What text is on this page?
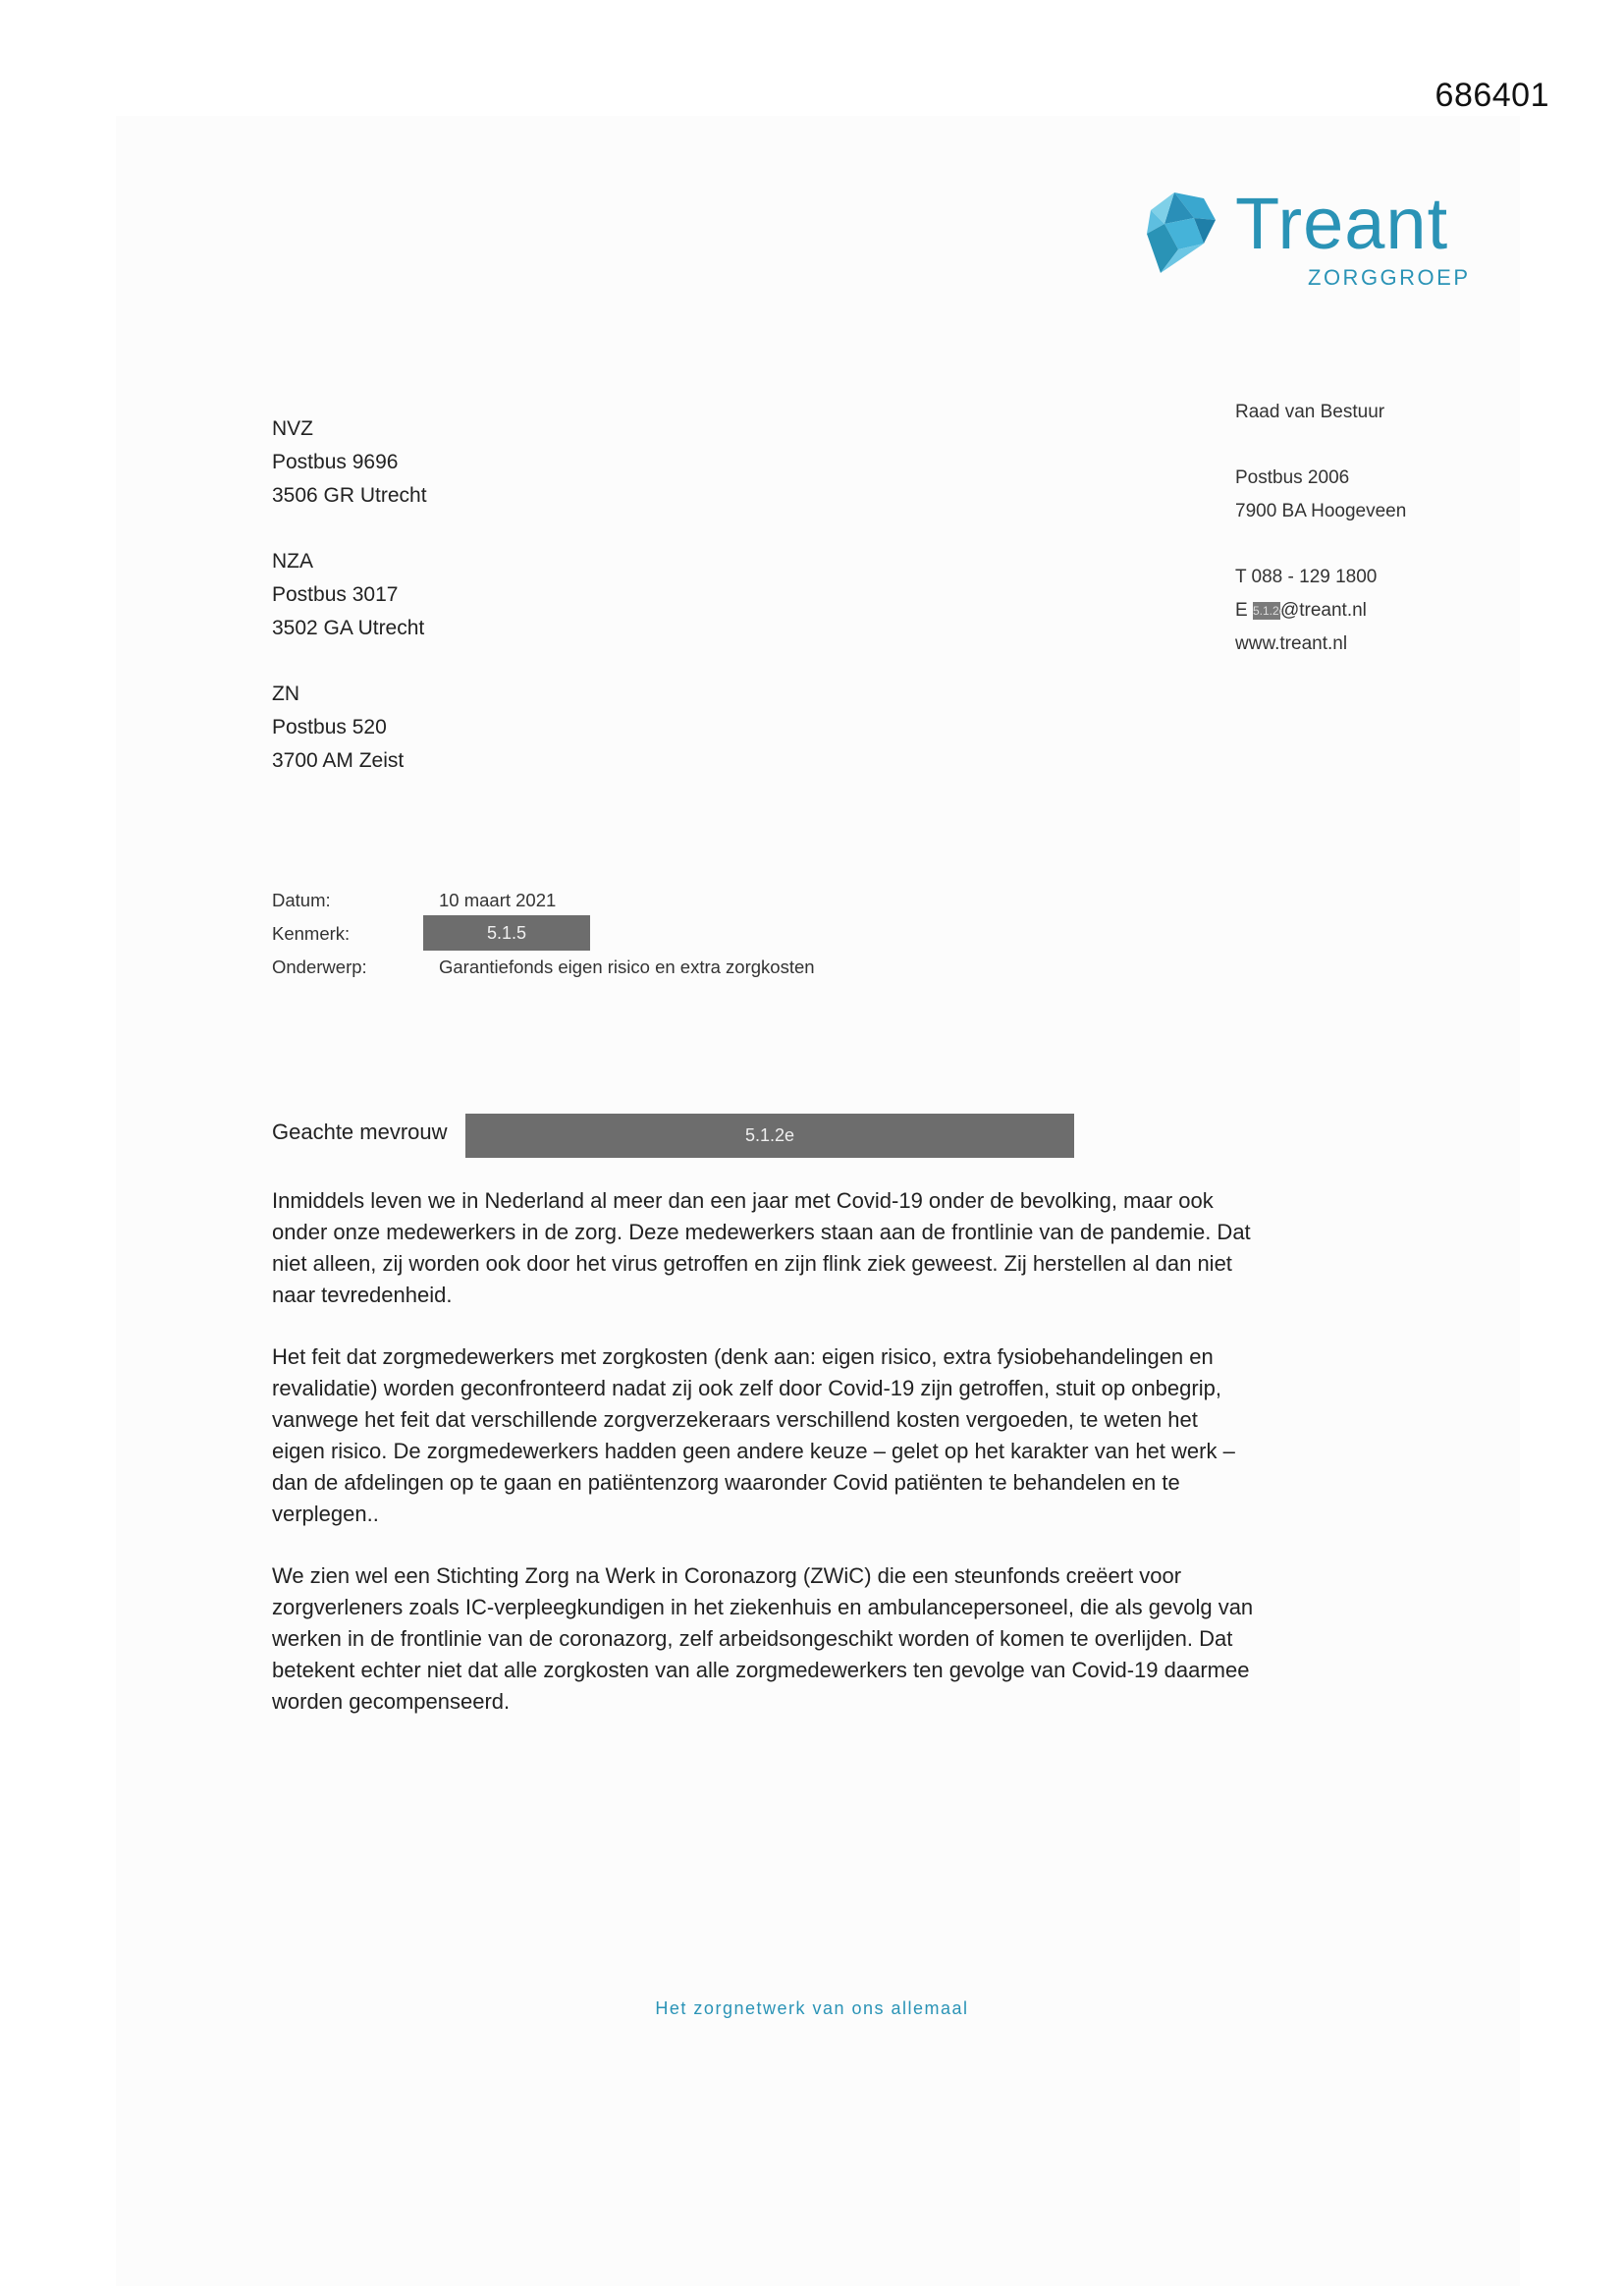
686401
Treant
ZORGGROEP
Raad van Bestuur
Postbus 2006
7900 BA Hoogeveen
T 088 - 129 1800
E 5.1.2e@treant.nl
www.treant.nl
NVZ
Postbus 9696
3506 GR Utrecht
NZA
Postbus 3017
3502 GA Utrecht
ZN
Postbus 520
3700 AM Zeist
Datum:	10 maart 2021
Kenmerk:	5.1.5
Onderwerp:	Garantiefonds eigen risico en extra zorgkosten
Geachte mevrouw	5.1.2e

Inmiddels leven we in Nederland al meer dan een jaar met Covid-19 onder de bevolking, maar ook onder onze medewerkers in de zorg. Deze medewerkers staan aan de frontlinie van de pandemie. Dat niet alleen, zij worden ook door het virus getroffen en zijn flink ziek geweest. Zij herstellen al dan niet naar tevredenheid.

Het feit dat zorgmedewerkers met zorgkosten (denk aan: eigen risico, extra fysiobehandelingen en revalidatie) worden geconfronteerd nadat zij ook zelf door Covid-19 zijn getroffen, stuit op onbegrip, vanwege het feit dat verschillende zorgverzekeraars verschillend kosten vergoeden, te weten het eigen risico. De zorgmedewerkers hadden geen andere keuze – gelet op het karakter van het werk – dan de afdelingen op te gaan en patiëntenzorg waaronder Covid patiënten te behandelen en te verplegen..

We zien wel een Stichting Zorg na Werk in Coronazorg (ZWiC) die een steunfonds creëert voor zorgverleners zoals IC-verpleegkundigen in het ziekenhuis en ambulancepersoneel, die als gevolg van werken in de frontlinie van de coronazorg, zelf arbeidsongeschikt worden of komen te overlijden. Dat betekent echter niet dat alle zorgkosten van alle zorgmedewerkers ten gevolge van Covid-19 daarmee worden gecompenseerd.

Het zorgnetwerk van ons allemaal
